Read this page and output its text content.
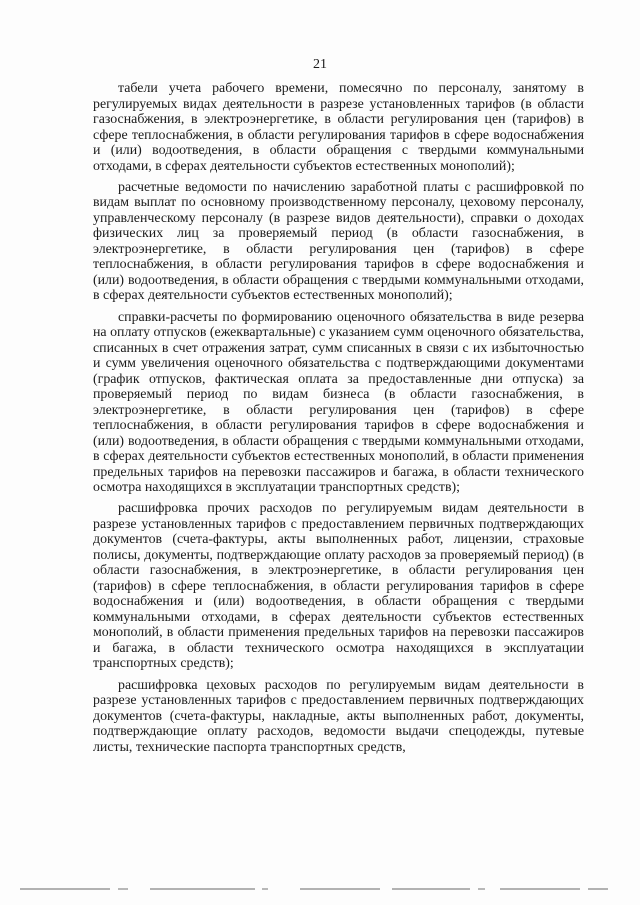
21

табели учета рабочего времени, помесячно по персоналу, занятому в регулируемых видах деятельности в разрезе установленных тарифов (в области газоснабжения, в электроэнергетике, в области регулирования цен (тарифов) в сфере теплоснабжения, в области регулирования тарифов в сфере водоснабжения и (или) водоотведения, в области обращения с твердыми коммунальными отходами, в сферах деятельности субъектов естественных монополий);

расчетные ведомости по начислению заработной платы с расшифровкой по видам выплат по основному производственному персоналу, цеховому персоналу, управленческому персоналу (в разрезе видов деятельности), справки о доходах физических лиц за проверяемый период (в области газоснабжения, в электроэнергетике, в области регулирования цен (тарифов) в сфере теплоснабжения, в области регулирования тарифов в сфере водоснабжения и (или) водоотведения, в области обращения с твердыми коммунальными отходами, в сферах деятельности субъектов естественных монополий);

справки-расчеты по формированию оценочного обязательства в виде резерва на оплату отпусков (ежеквартальные) с указанием сумм оценочного обязательства, списанных в счет отражения затрат, сумм списанных в связи с их избыточностью и сумм увеличения оценочного обязательства с подтверждающими документами (график отпусков, фактическая оплата за предоставленные дни отпуска) за проверяемый период по видам бизнеса (в области газоснабжения, в электроэнергетике, в области регулирования цен (тарифов) в сфере теплоснабжения, в области регулирования тарифов в сфере водоснабжения и (или) водоотведения, в области обращения с твердыми коммунальными отходами, в сферах деятельности субъектов естественных монополий, в области применения предельных тарифов на перевозки пассажиров и багажа, в области технического осмотра находящихся в эксплуатации транспортных средств);

расшифровка прочих расходов по регулируемым видам деятельности в разрезе установленных тарифов с предоставлением первичных подтверждающих документов (счета-фактуры, акты выполненных работ, лицензии, страховые полисы, документы, подтверждающие оплату расходов за проверяемый период) (в области газоснабжения, в электроэнергетике, в области регулирования цен (тарифов) в сфере теплоснабжения, в области регулирования тарифов в сфере водоснабжения и (или) водоотведения, в области обращения с твердыми коммунальными отходами, в сферах деятельности субъектов естественных монополий, в области применения предельных тарифов на перевозки пассажиров и багажа, в области технического осмотра находящихся в эксплуатации транспортных средств);

расшифровка цеховых расходов по регулируемым видам деятельности в разрезе установленных тарифов с предоставлением первичных подтверждающих документов (счета-фактуры, накладные, акты выполненных работ, документы, подтверждающие оплату расходов, ведомости выдачи спецодежды, путевые листы, технические паспорта транспортных средств,
